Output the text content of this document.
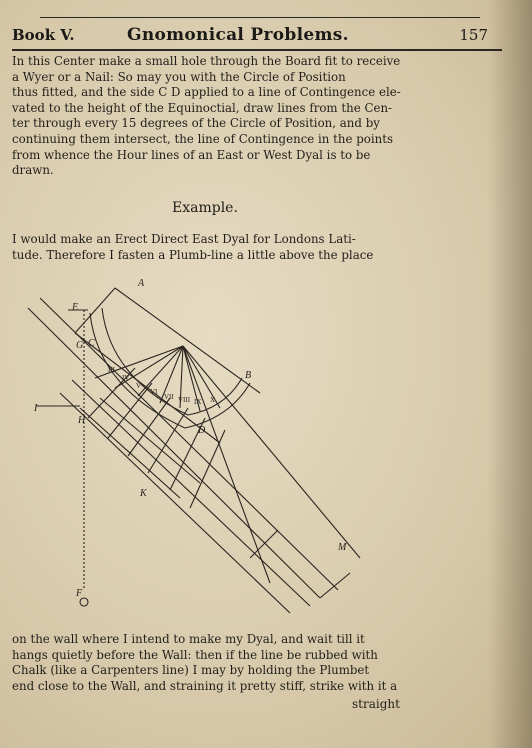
Book V.	Gnomonical Problems.	157
In this Center make a small hole through the Board fit to receive
a Wyer or a Nail: So may you with the Circle of Position
thus fitted, and the side C D applied to a line of Contingence ele-
vated to the height of the Equinoctial, draw lines from the Cen-
ter through every 15 degrees of the Circle of Position, and by
continuing them intersect, the line of Contingence in the points
from whence the Hour lines of an East or West Dyal is to be
drawn.
Example.
I would make an Erect Direct East Dyal for Londons Lati-
tude. Therefore I fasten a Plumb-line a little above the place
A
B
E
G C
I
H
K
D
F
M
III
IV
V
VI
VII VIII IX X
on the wall where I intend to make my Dyal, and wait till it
hangs quietly before the Wall: then if the line be rubbed with
Chalk (like a Carpenters line) I may by holding the Plumbet
end close to the Wall, and straining it pretty stiff, strike with it a
straight
